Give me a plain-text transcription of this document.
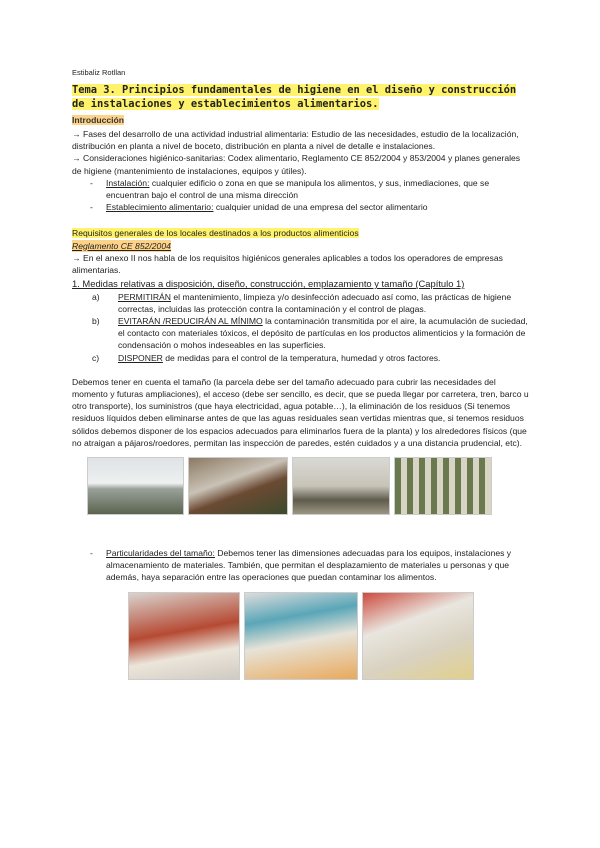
Estibaliz Rotllan
Tema 3. Principios fundamentales de higiene en el diseño y construcción de instalaciones y establecimientos alimentarios.
Introducción

→ Fases del desarrollo de una actividad industrial alimentaria: Estudio de las necesidades, estudio de la localización, distribución en planta a nivel de boceto, distribución en planta a nivel de detalle e instalaciones.

→ Consideraciones higiénico-sanitarias: Codex alimentario, Reglamento CE 852/2004 y 853/2004 y planes generales de higiene (mantenimiento de instalaciones, equipos y útiles).

- Instalación: cualquier edificio o zona en que se manipula los alimentos, y sus, inmediaciones, que se encuentran bajo el control de una misma dirección
- Establecimiento alimentario: cualquier unidad de una empresa del sector alimentario
Requisitos generales de los locales destinados a los productos alimenticios
Reglamento CE 852/2004

→ En el anexo II nos habla de los requisitos higiénicos generales aplicables a todos los operadores de empresas alimentarias.

1. Medidas relativas a disposición, diseño, construcción, emplazamiento y tamaño (Capítulo 1)
a) PERMITIRÁN el mantenimiento, limpieza y/o desinfección adecuado así como, las prácticas de higiene correctas, incluidas las protección contra la contaminación y el control de plagas.
b) EVITARÁN /REDUCIRÁN AL MÍNIMO la contaminación transmitida por el aire, la acumulación de suciedad, el contacto con materiales tóxicos, el depósito de partículas en los productos alimenticios y la formación de condensación o mohos indeseables en las superficies.
c) DISPONER de medidas para el control de la temperatura, humedad y otros factores.

Debemos tener en cuenta el tamaño (la parcela debe ser del tamaño adecuado para cubrir las necesidades del momento y futuras ampliaciones), el acceso (debe ser sencillo, es decir, que se pueda llegar por carretera, tren, barco u otro transporte), los suministros (que haya electricidad, agua potable…), la eliminación de los residuos (Si tenemos residuos líquidos deben eliminarse antes de que las aguas residuales sean vertidas mientras que, si tenemos residuos sólidos debemos disponer de los espacios adecuados para eliminarlos fuera de la planta) y los alrededores físicos (que no atraigan a pájaros/roedores, permitan las inspección de paredes, estén cuidados y a una distancia prudencial, etc).

- Particularidades del tamaño: Debemos tener las dimensiones adecuadas para los equipos, instalaciones y almacenamiento de materiales. También, que permitan el desplazamiento de materiales u personas y que además, haya separación entre las operaciones que puedan contaminar los alimentos.
